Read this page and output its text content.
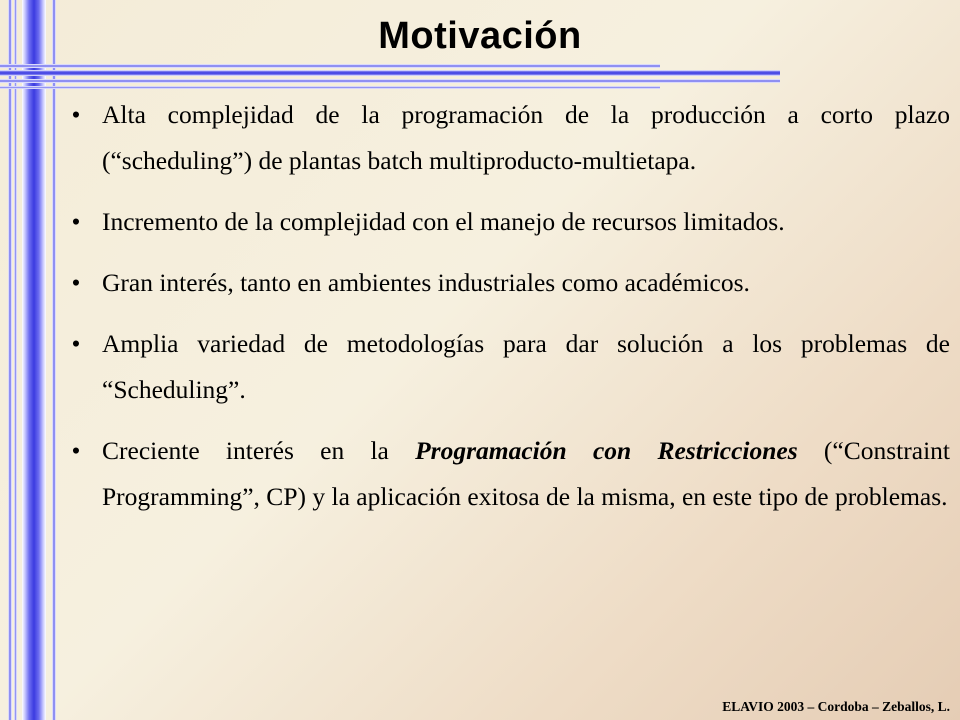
Motivación
• Alta complejidad de la programación de la producción a corto plazo (“scheduling”) de plantas batch multiproducto-multietapa.
• Incremento de la complejidad con el manejo de recursos limitados.
• Gran interés, tanto en ambientes industriales como académicos.
• Amplia variedad de metodologías para dar solución a los problemas de “Scheduling”.
• Creciente interés en la Programación con Restricciones (“Constraint Programming”, CP) y la aplicación exitosa de la misma, en este tipo de problemas.
ELAVIO 2003 – Cordoba – Zeballos, L.
